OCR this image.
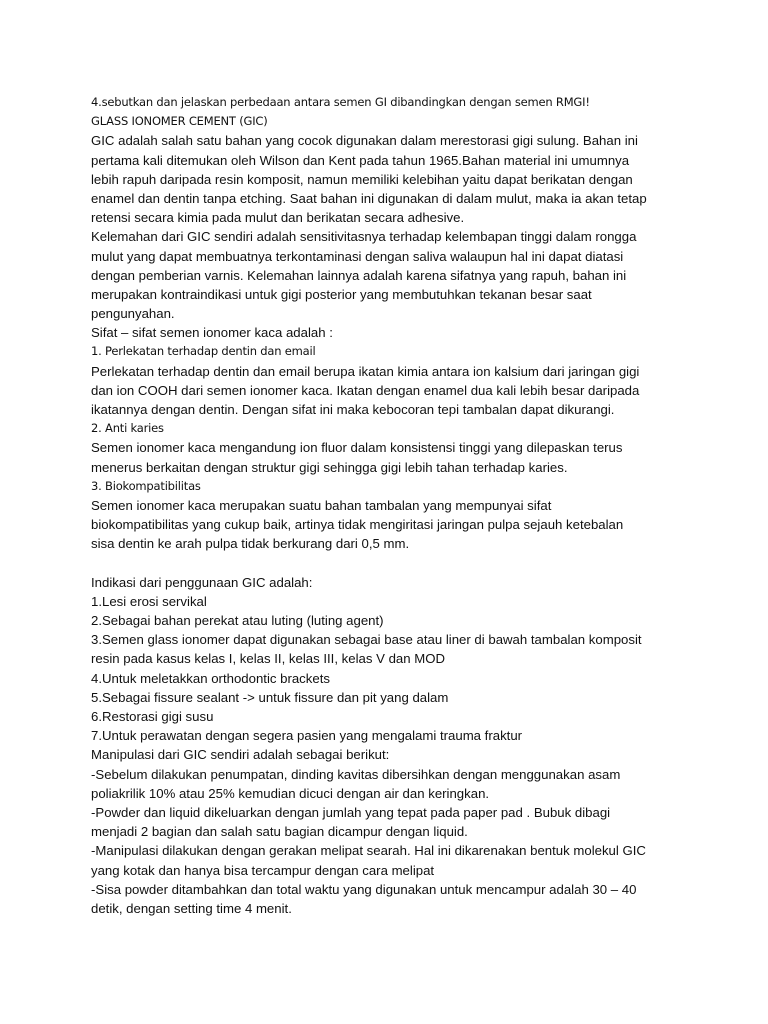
4.sebutkan dan jelaskan perbedaan antara semen GI dibandingkan dengan semen RMGI!
GLASS IONOMER CEMENT (GIC)
GIC adalah salah satu bahan yang cocok digunakan dalam merestorasi gigi sulung. Bahan ini
pertama kali ditemukan oleh Wilson dan Kent pada tahun 1965.Bahan material ini umumnya
lebih rapuh daripada resin komposit, namun memiliki kelebihan yaitu dapat berikatan dengan
enamel dan dentin tanpa etching. Saat bahan ini digunakan di dalam mulut, maka ia akan tetap
retensi secara kimia pada mulut dan berikatan secara adhesive.
Kelemahan dari GIC sendiri adalah sensitivitasnya terhadap kelembapan tinggi dalam rongga
mulut yang dapat membuatnya terkontaminasi dengan saliva walaupun hal ini dapat diatasi
dengan pemberian varnis. Kelemahan lainnya adalah karena sifatnya yang rapuh, bahan ini
merupakan kontraindikasi untuk gigi posterior yang membutuhkan tekanan besar saat
pengunyahan.
Sifat – sifat semen ionomer kaca adalah :
1. Perlekatan terhadap dentin dan email
Perlekatan terhadap dentin dan email berupa ikatan kimia antara ion kalsium dari jaringan gigi
dan ion COOH dari semen ionomer kaca. Ikatan dengan enamel dua kali lebih besar daripada
ikatannya dengan dentin. Dengan sifat ini maka kebocoran tepi tambalan dapat dikurangi.
2. Anti karies
Semen ionomer kaca mengandung ion fluor dalam konsistensi tinggi yang dilepaskan terus
menerus berkaitan dengan struktur gigi sehingga gigi lebih tahan terhadap karies.
3. Biokompatibilitas
Semen ionomer kaca merupakan suatu bahan tambalan yang mempunyai sifat
biokompatibilitas yang cukup baik, artinya tidak mengiritasi jaringan pulpa sejauh ketebalan
sisa dentin ke arah pulpa tidak berkurang dari 0,5 mm.
Indikasi dari penggunaan GIC adalah:
1.Lesi erosi servikal
2.Sebagai bahan perekat atau luting (luting agent)
3.Semen glass ionomer dapat digunakan sebagai base atau liner di bawah tambalan komposit
resin pada kasus kelas I, kelas II, kelas III, kelas V dan MOD
4.Untuk meletakkan orthodontic brackets
5.Sebagai fissure sealant -> untuk fissure dan pit yang dalam
6.Restorasi gigi susu
7.Untuk perawatan dengan segera pasien yang mengalami trauma fraktur
Manipulasi dari GIC sendiri adalah sebagai berikut:
-Sebelum dilakukan penumpatan, dinding kavitas dibersihkan dengan menggunakan asam
poliakrilik 10% atau 25% kemudian dicuci dengan air dan keringkan.
-Powder dan liquid dikeluarkan dengan jumlah yang tepat pada paper pad . Bubuk dibagi
menjadi 2 bagian dan salah satu bagian dicampur dengan liquid.
-Manipulasi dilakukan dengan gerakan melipat searah. Hal ini dikarenakan bentuk molekul GIC
yang kotak dan hanya bisa tercampur dengan cara melipat
-Sisa powder ditambahkan dan total waktu yang digunakan untuk mencampur adalah 30 – 40
detik, dengan setting time 4 menit.
